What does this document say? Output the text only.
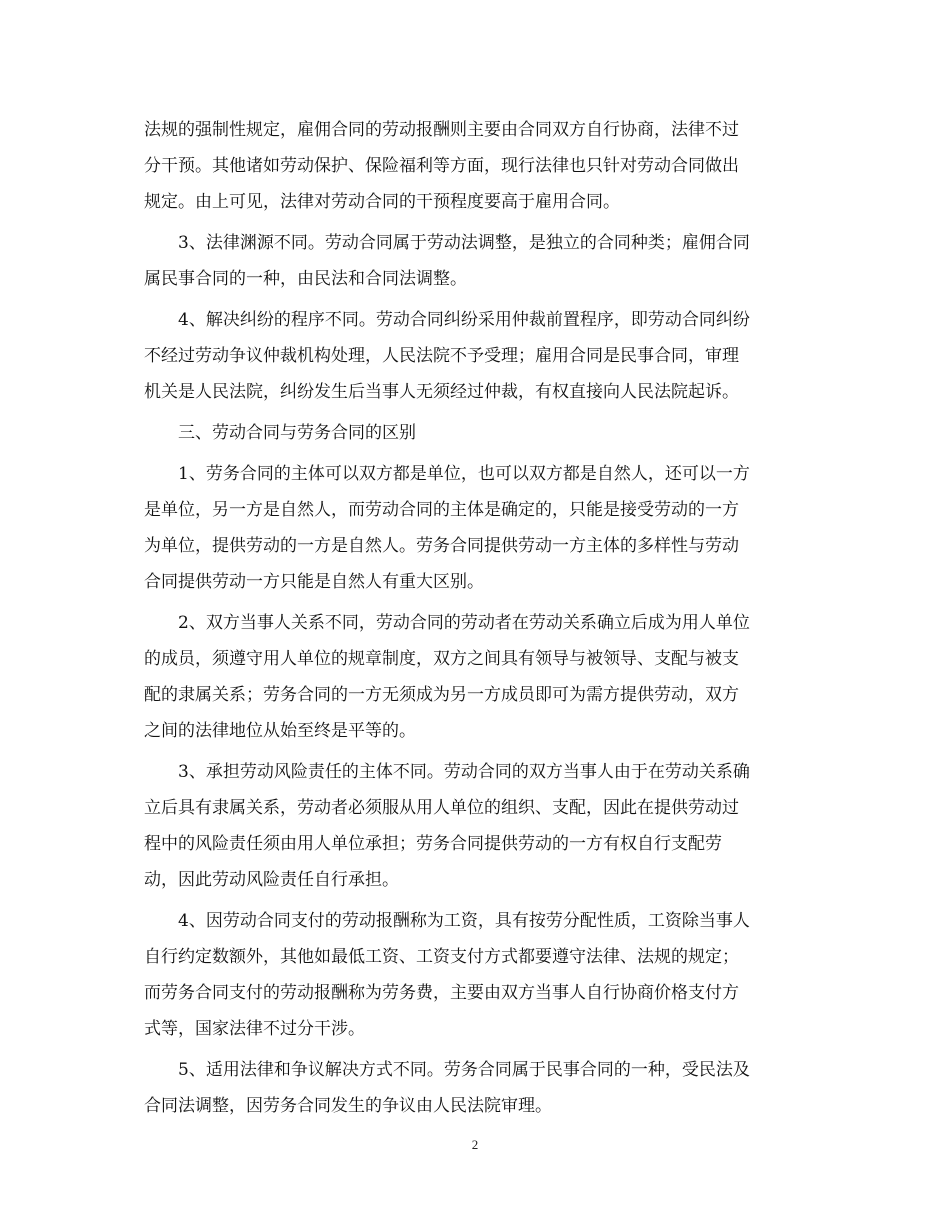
法规的强制性规定，雇佣合同的劳动报酬则主要由合同双方自行协商，法律不过
分干预。其他诸如劳动保护、保险福利等方面，现行法律也只针对劳动合同做出
规定。由上可见，法律对劳动合同的干预程度要高于雇用合同。
　　3、法律渊源不同。劳动合同属于劳动法调整，是独立的合同种类；雇佣合同
属民事合同的一种，由民法和合同法调整。
　　4、解决纠纷的程序不同。劳动合同纠纷采用仲裁前置程序，即劳动合同纠纷
不经过劳动争议仲裁机构处理，人民法院不予受理；雇用合同是民事合同，审理
机关是人民法院，纠纷发生后当事人无须经过仲裁，有权直接向人民法院起诉。
　　三、劳动合同与劳务合同的区别
　　1、劳务合同的主体可以双方都是单位，也可以双方都是自然人，还可以一方
是单位，另一方是自然人，而劳动合同的主体是确定的，只能是接受劳动的一方
为单位，提供劳动的一方是自然人。劳务合同提供劳动一方主体的多样性与劳动
合同提供劳动一方只能是自然人有重大区别。
　　2、双方当事人关系不同，劳动合同的劳动者在劳动关系确立后成为用人单位
的成员，须遵守用人单位的规章制度，双方之间具有领导与被领导、支配与被支
配的隶属关系；劳务合同的一方无须成为另一方成员即可为需方提供劳动，双方
之间的法律地位从始至终是平等的。
　　3、承担劳动风险责任的主体不同。劳动合同的双方当事人由于在劳动关系确
立后具有隶属关系，劳动者必须服从用人单位的组织、支配，因此在提供劳动过
程中的风险责任须由用人单位承担；劳务合同提供劳动的一方有权自行支配劳
动，因此劳动风险责任自行承担。
　　4、因劳动合同支付的劳动报酬称为工资，具有按劳分配性质，工资除当事人
自行约定数额外，其他如最低工资、工资支付方式都要遵守法律、法规的规定；
而劳务合同支付的劳动报酬称为劳务费，主要由双方当事人自行协商价格支付方
式等，国家法律不过分干涉。
　　5、适用法律和争议解决方式不同。劳务合同属于民事合同的一种，受民法及
合同法调整，因劳务合同发生的争议由人民法院审理。
2
